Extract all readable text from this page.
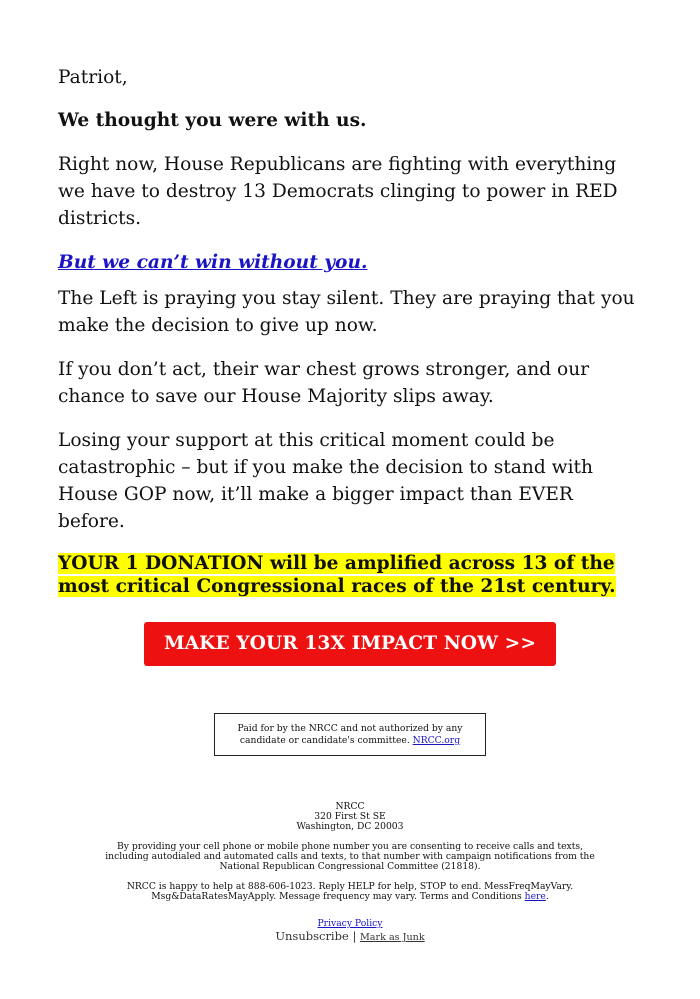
Patriot,

We thought you were with us.

Right now, House Republicans are fighting with everything we have to destroy 13 Democrats clinging to power in RED districts.

But we can’t win without you.

The Left is praying you stay silent. They are praying that you make the decision to give up now.

If you don’t act, their war chest grows stronger, and our chance to save our House Majority slips away.

Losing your support at this critical moment could be catastrophic – but if you make the decision to stand with House GOP now, it’ll make a bigger impact than EVER before.

YOUR 1 DONATION will be amplified across 13 of the most critical Congressional races of the 21st century.

MAKE YOUR 13X IMPACT NOW >>
Paid for by the NRCC and not authorized by any candidate or candidate's committee. NRCC.org
NRCC
320 First St SE
Washington, DC 20003
By providing your cell phone or mobile phone number you are consenting to receive calls and texts, including autodialed and automated calls and texts, to that number with campaign notifications from the National Republican Congressional Committee (21818).
NRCC is happy to help at 888-606-1023. Reply HELP for help, STOP to end. MessFreqMayVary. Msg&DataRatesMayApply. Message frequency may vary. Terms and Conditions here.
Privacy Policy
Unsubscribe | Mark as Junk
